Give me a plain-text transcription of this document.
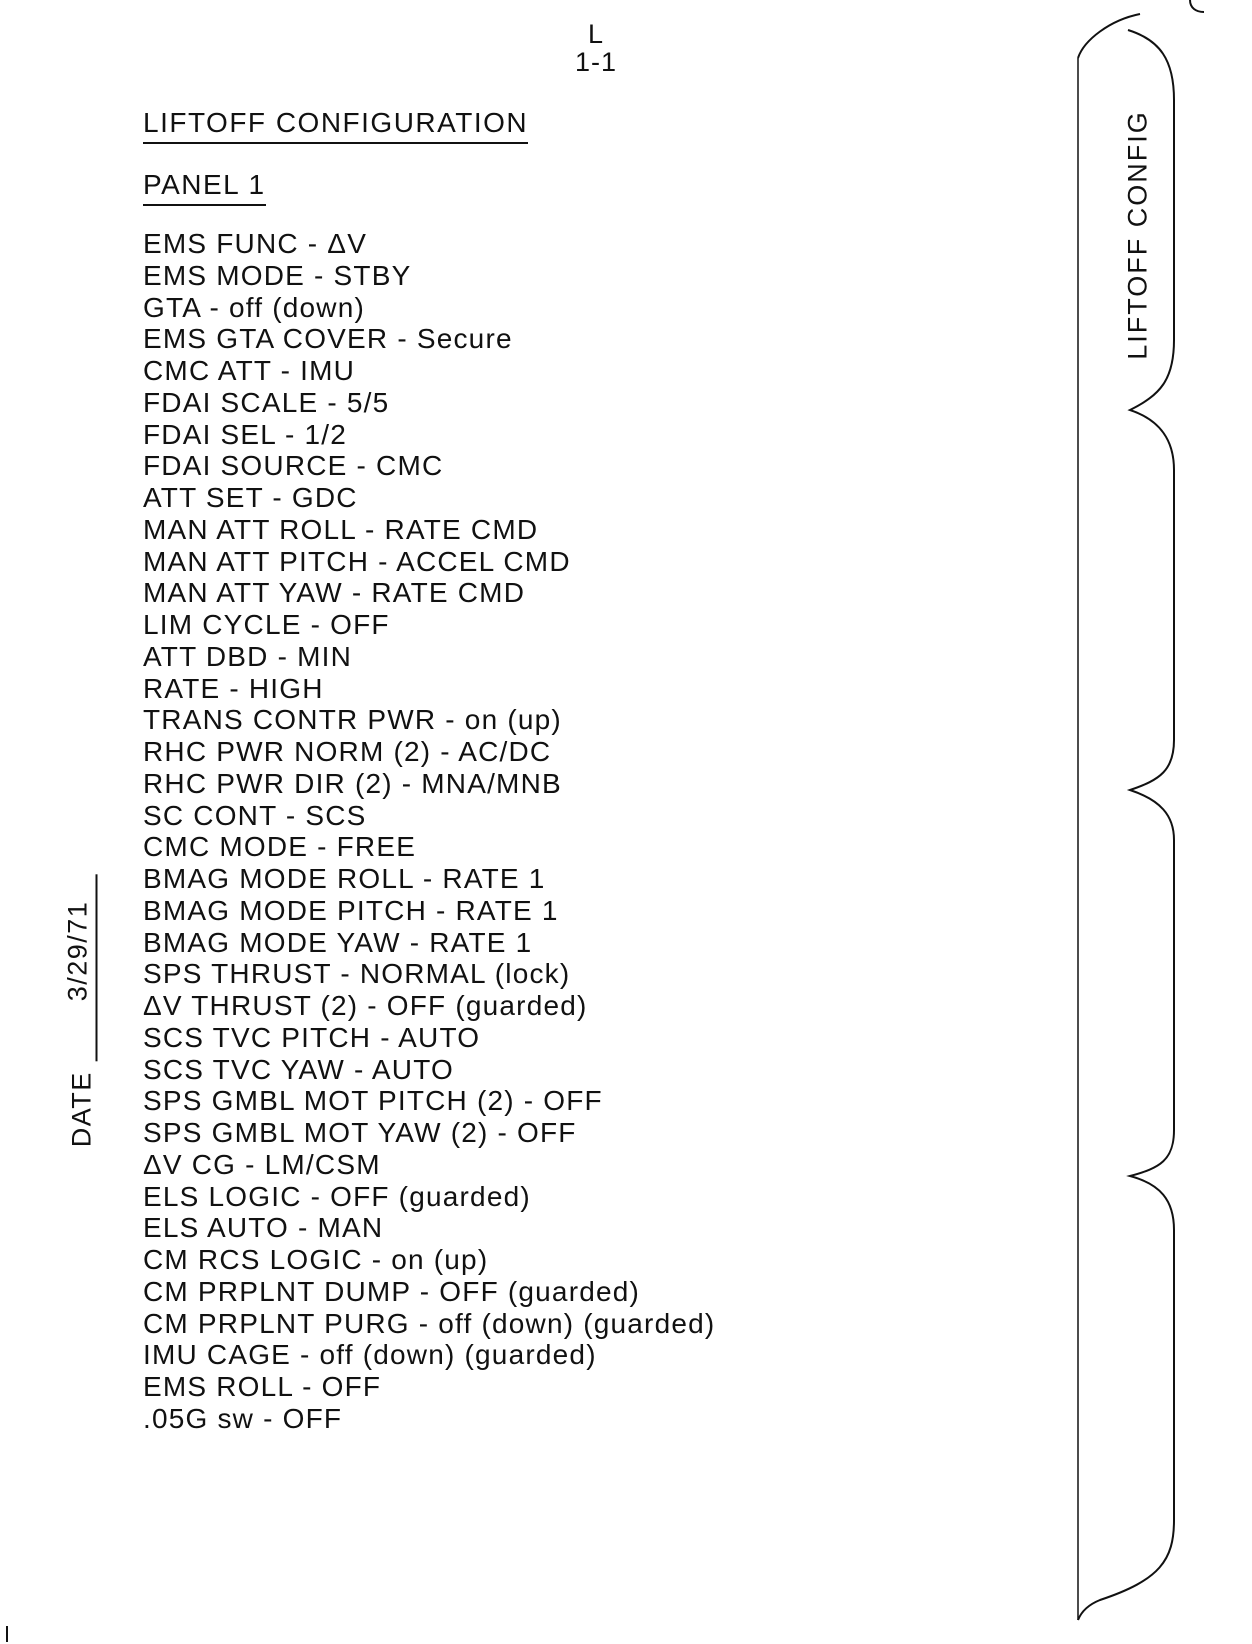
L
1-1
LIFTOFF CONFIGURATION
PANEL 1
EMS FUNC - ΔV
EMS MODE - STBY
GTA - off (down)
EMS GTA COVER - Secure
CMC ATT - IMU
FDAI SCALE - 5/5
FDAI SEL - 1/2
FDAI SOURCE - CMC
ATT SET - GDC
MAN ATT ROLL - RATE CMD
MAN ATT PITCH - ACCEL CMD
MAN ATT YAW - RATE CMD
LIM CYCLE - OFF
ATT DBD - MIN
RATE - HIGH
TRANS CONTR PWR - on (up)
RHC PWR NORM (2) - AC/DC
RHC PWR DIR (2) - MNA/MNB
SC CONT - SCS
CMC MODE - FREE
BMAG MODE ROLL - RATE 1
BMAG MODE PITCH - RATE 1
BMAG MODE YAW - RATE 1
SPS THRUST - NORMAL (lock)
ΔV THRUST (2) - OFF (guarded)
SCS TVC PITCH - AUTO
SCS TVC YAW - AUTO
SPS GMBL MOT PITCH (2) - OFF
SPS GMBL MOT YAW (2) - OFF
ΔV CG - LM/CSM
ELS LOGIC - OFF (guarded)
ELS AUTO - MAN
CM RCS LOGIC - on (up)
CM PRPLNT DUMP - OFF (guarded)
CM PRPLNT PURG - off (down) (guarded)
IMU CAGE - off (down) (guarded)
EMS ROLL - OFF
.05G sw - OFF
DATE
3/29/71
LIFTOFF CONFIG
